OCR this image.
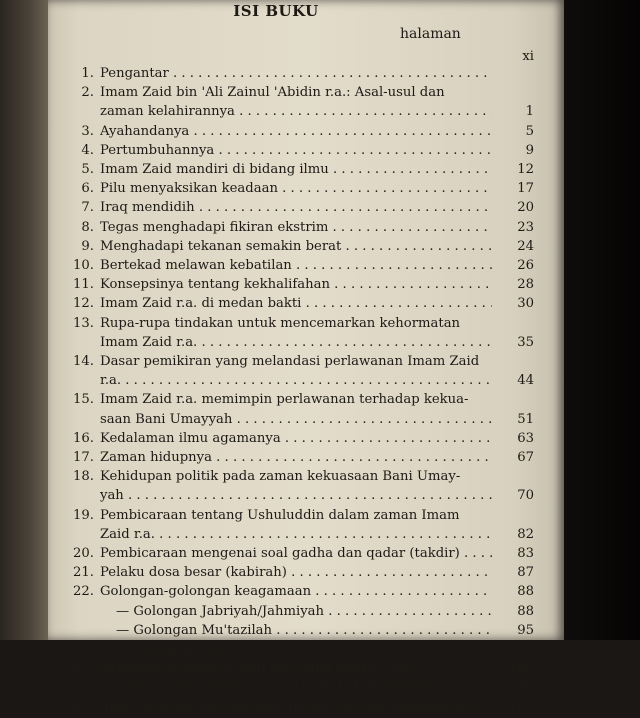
ISI BUKU
halaman
xi
1. Pengantar . . .
2. Imam Zaid bin 'Ali Zainul 'Abidin r.a.: Asal-usul dan
zaman kelahirannya . . .	1
3. Ayahandanya . . .	5
4. Pertumbuhannya . . .	9
5. Imam Zaid mandiri di bidang ilmu . . .	12
6. Pilu menyaksikan keadaan . . .	17
7. Iraq mendidih . . .	20
8. Tegas menghadapi fikiran ekstrim . . .	23
9. Menghadapi tekanan semakin berat . . .	24
10. Bertekad melawan kebatilan . . .	26
11. Konsepsinya tentang kekhalifahan . . .	28
12. Imam Zaid r.a. di medan bakti . . .	30
13. Rupa-rupa tindakan untuk mencemarkan kehormatan
Imam Zaid r.a. . . .	35
14. Dasar pemikiran yang melandasi perlawanan Imam Zaid
r.a. . . .	44
15. Imam Zaid r.a. memimpin perlawanan terhadap kekua-
saan Bani Umayyah . . .	51
16. Kedalaman ilmu agamanya . . .	63
17. Zaman hidupnya . . .	67
18. Kehidupan politik pada zaman kekuasaan Bani Umay-
yah . . .	70
19. Pembicaraan tentang Ushuluddin dalam zaman Imam
Zaid r.a. . . .	82
20. Pembicaraan mengenai soal gadha dan qadar (takdir) . . .	83
21. Pelaku dosa besar (kabirah) . . .	87
22. Golongan-golongan keagamaan . . .	88
— Golongan Jabriyah/Jahmiyah . . .	88
— Golongan Mu'tazilah . . .	95
— Golongan Murji'ah . . .	99
23. Beberapa pemikiran dan pendapat Imam Zaid r.a. . . .	106
24. Pandangannya mengenai soal politik (kekhalifahan) . . .	108
25. Imam Zaid r.a. meluruskan fikiran tentang kekhalifahan . . .	109
